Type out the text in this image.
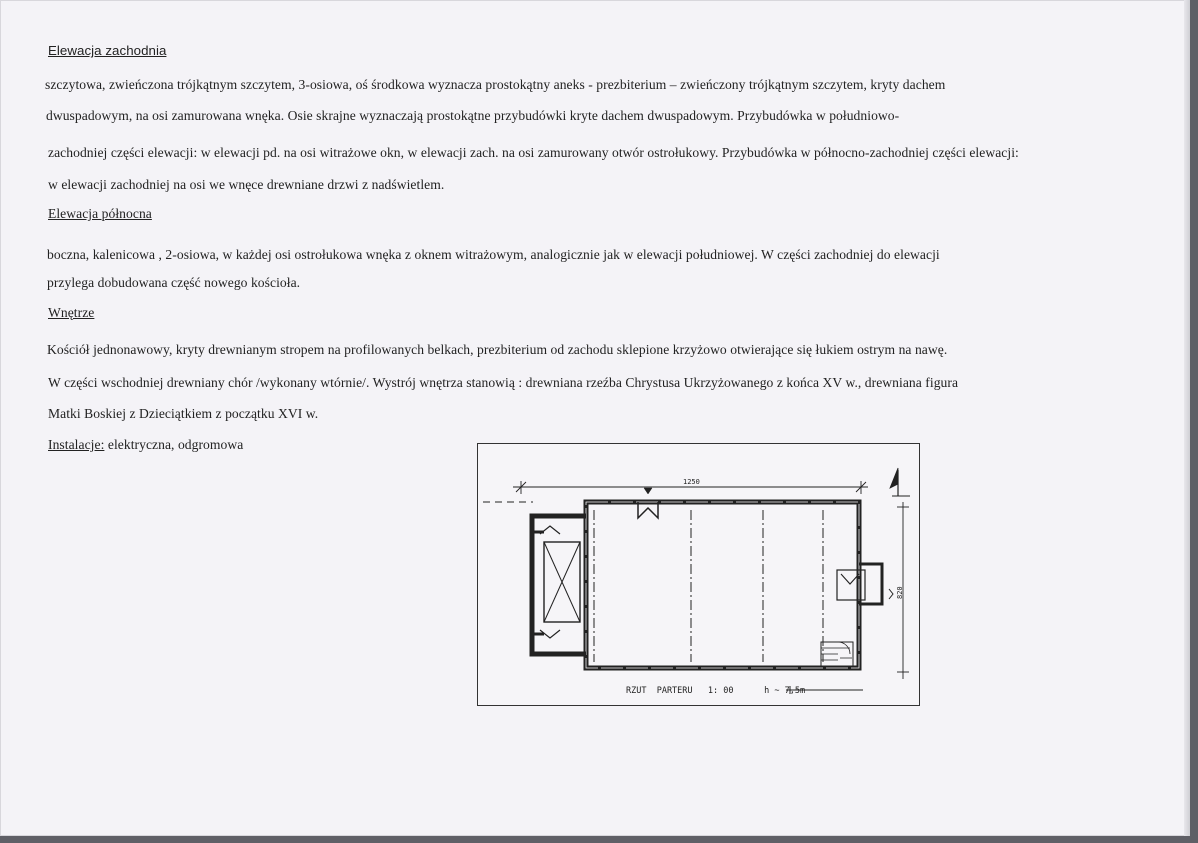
Elewacja zachodnia
szczytowa, zwieńczona trójkątnym szczytem, 3-osiowa, oś środkowa wyznacza prostokątny aneks - prezbiterium – zwieńczony trójkątnym szczytem, kryty dachem
dwuspadowym, na osi zamurowana wnęka. Osie skrajne wyznaczają prostokątne przybudówki kryte dachem dwuspadowym. Przybudówka w południowo-
zachodniej części elewacji: w elewacji pd. na osi witrażowe okn, w elewacji zach. na osi zamurowany otwór ostrołukowy. Przybudówka w północno-zachodniej części elewacji:
w elewacji zachodniej na osi we wnęce drewniane drzwi z nadświetlem.
Elewacja północna
boczna, kalenicowa , 2-osiowa, w każdej osi ostrołukowa wnęka z oknem witrażowym, analogicznie jak w elewacji południowej. W części zachodniej do elewacji
przylega dobudowana część nowego kościoła.
Wnętrze
Kościół jednonawowy, kryty drewnianym stropem na profilowanych belkach, prezbiterium od zachodu sklepione krzyżowo otwierające się łukiem ostrym na nawę.
W części wschodniej drewniany chór /wykonany wtórnie/. Wystrój wnętrza stanowią : drewniana rzeźba Chrystusa Ukrzyżowanego z końca XV w., drewniana figura
Matki Boskiej z Dzieciątkiem z początku XVI w.
Instalacje: elektryczna, odgromowa
1250
820
RZUT  PARTERU   1: 00      h ~ 7,5m
